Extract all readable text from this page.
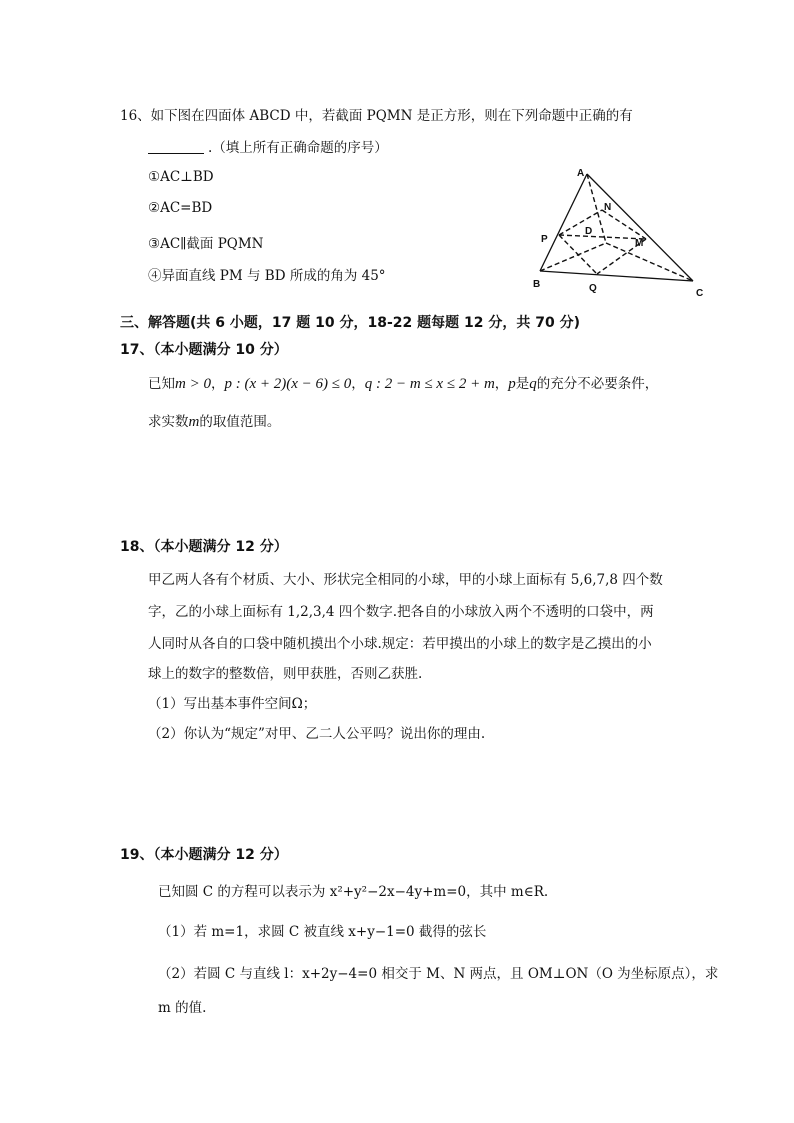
16、如下图在四面体 ABCD 中，若截面 PQMN 是正方形，则在下列命题中正确的有
.（填上所有正确命题的序号）
①AC⊥BD
②AC=BD
③AC∥截面 PQMN
④异面直线 PM 与 BD 所成的角为 45°
A
B
C
D
N
P	M
Q
三、解答题(共 6 小题，17 题 10 分，18-22 题每题 12 分，共 70 分)
17、（本小题满分 10 分）
已知m > 0，p : (x + 2)(x − 6) ≤ 0，q : 2 − m ≤ x ≤ 2 + m，p是q的充分不必要条件，
求实数m的取值范围。
18、（本小题满分 12 分）
甲乙两人各有个材质、大小、形状完全相同的小球，甲的小球上面标有 5,6,7,8 四个数
字，乙的小球上面标有 1,2,3,4 四个数字.把各自的小球放入两个不透明的口袋中，两
人同时从各自的口袋中随机摸出个小球.规定：若甲摸出的小球上的数字是乙摸出的小
球上的数字的整数倍，则甲获胜，否则乙获胜.
（1）写出基本事件空间Ω；
（2）你认为“规定”对甲、乙二人公平吗？说出你的理由.
19、（本小题满分 12 分）
已知圆 C 的方程可以表示为 x²+y²−2x−4y+m=0，其中 m∈R.
（1）若 m=1，求圆 C 被直线 x+y−1=0 截得的弦长
（2）若圆 C 与直线 l：x+2y−4=0 相交于 M、N 两点，且 OM⊥ON（O 为坐标原点），求
m 的值.
